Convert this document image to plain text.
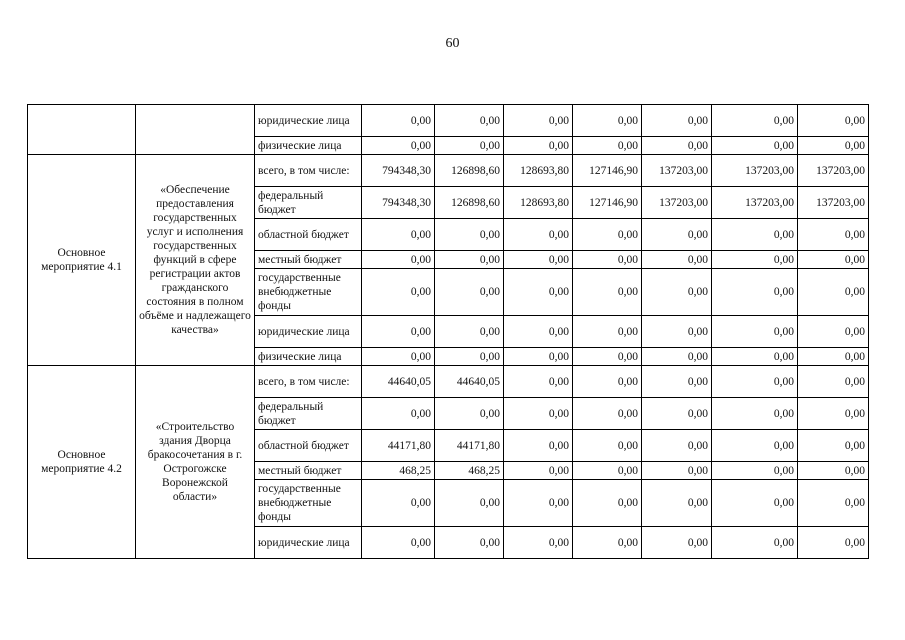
60
		юридические лица	0,00	0,00	0,00	0,00	0,00	0,00	0,00
		физические лица	0,00	0,00	0,00	0,00	0,00	0,00	0,00
Основное мероприятие 4.1	«Обеспечение предоставления государственных услуг и исполнения государственных функций в сфере регистрации актов гражданского состояния в полном объёме и надлежащего качества»	всего, в том числе:	794348,30	126898,60	128693,80	127146,90	137203,00	137203,00	137203,00
		федеральный бюджет	794348,30	126898,60	128693,80	127146,90	137203,00	137203,00	137203,00
		областной бюджет	0,00	0,00	0,00	0,00	0,00	0,00	0,00
		местный бюджет	0,00	0,00	0,00	0,00	0,00	0,00	0,00
		государственные внебюджетные фонды	0,00	0,00	0,00	0,00	0,00	0,00	0,00
		юридические лица	0,00	0,00	0,00	0,00	0,00	0,00	0,00
		физические лица	0,00	0,00	0,00	0,00	0,00	0,00	0,00
Основное мероприятие 4.2	«Строительство здания Дворца бракосочетания в г. Острогожске Воронежской области»	всего, в том числе:	44640,05	44640,05	0,00	0,00	0,00	0,00	0,00
		федеральный бюджет	0,00	0,00	0,00	0,00	0,00	0,00	0,00
		областной бюджет	44171,80	44171,80	0,00	0,00	0,00	0,00	0,00
		местный бюджет	468,25	468,25	0,00	0,00	0,00	0,00	0,00
		государственные внебюджетные фонды	0,00	0,00	0,00	0,00	0,00	0,00	0,00
		юридические лица	0,00	0,00	0,00	0,00	0,00	0,00	0,00
